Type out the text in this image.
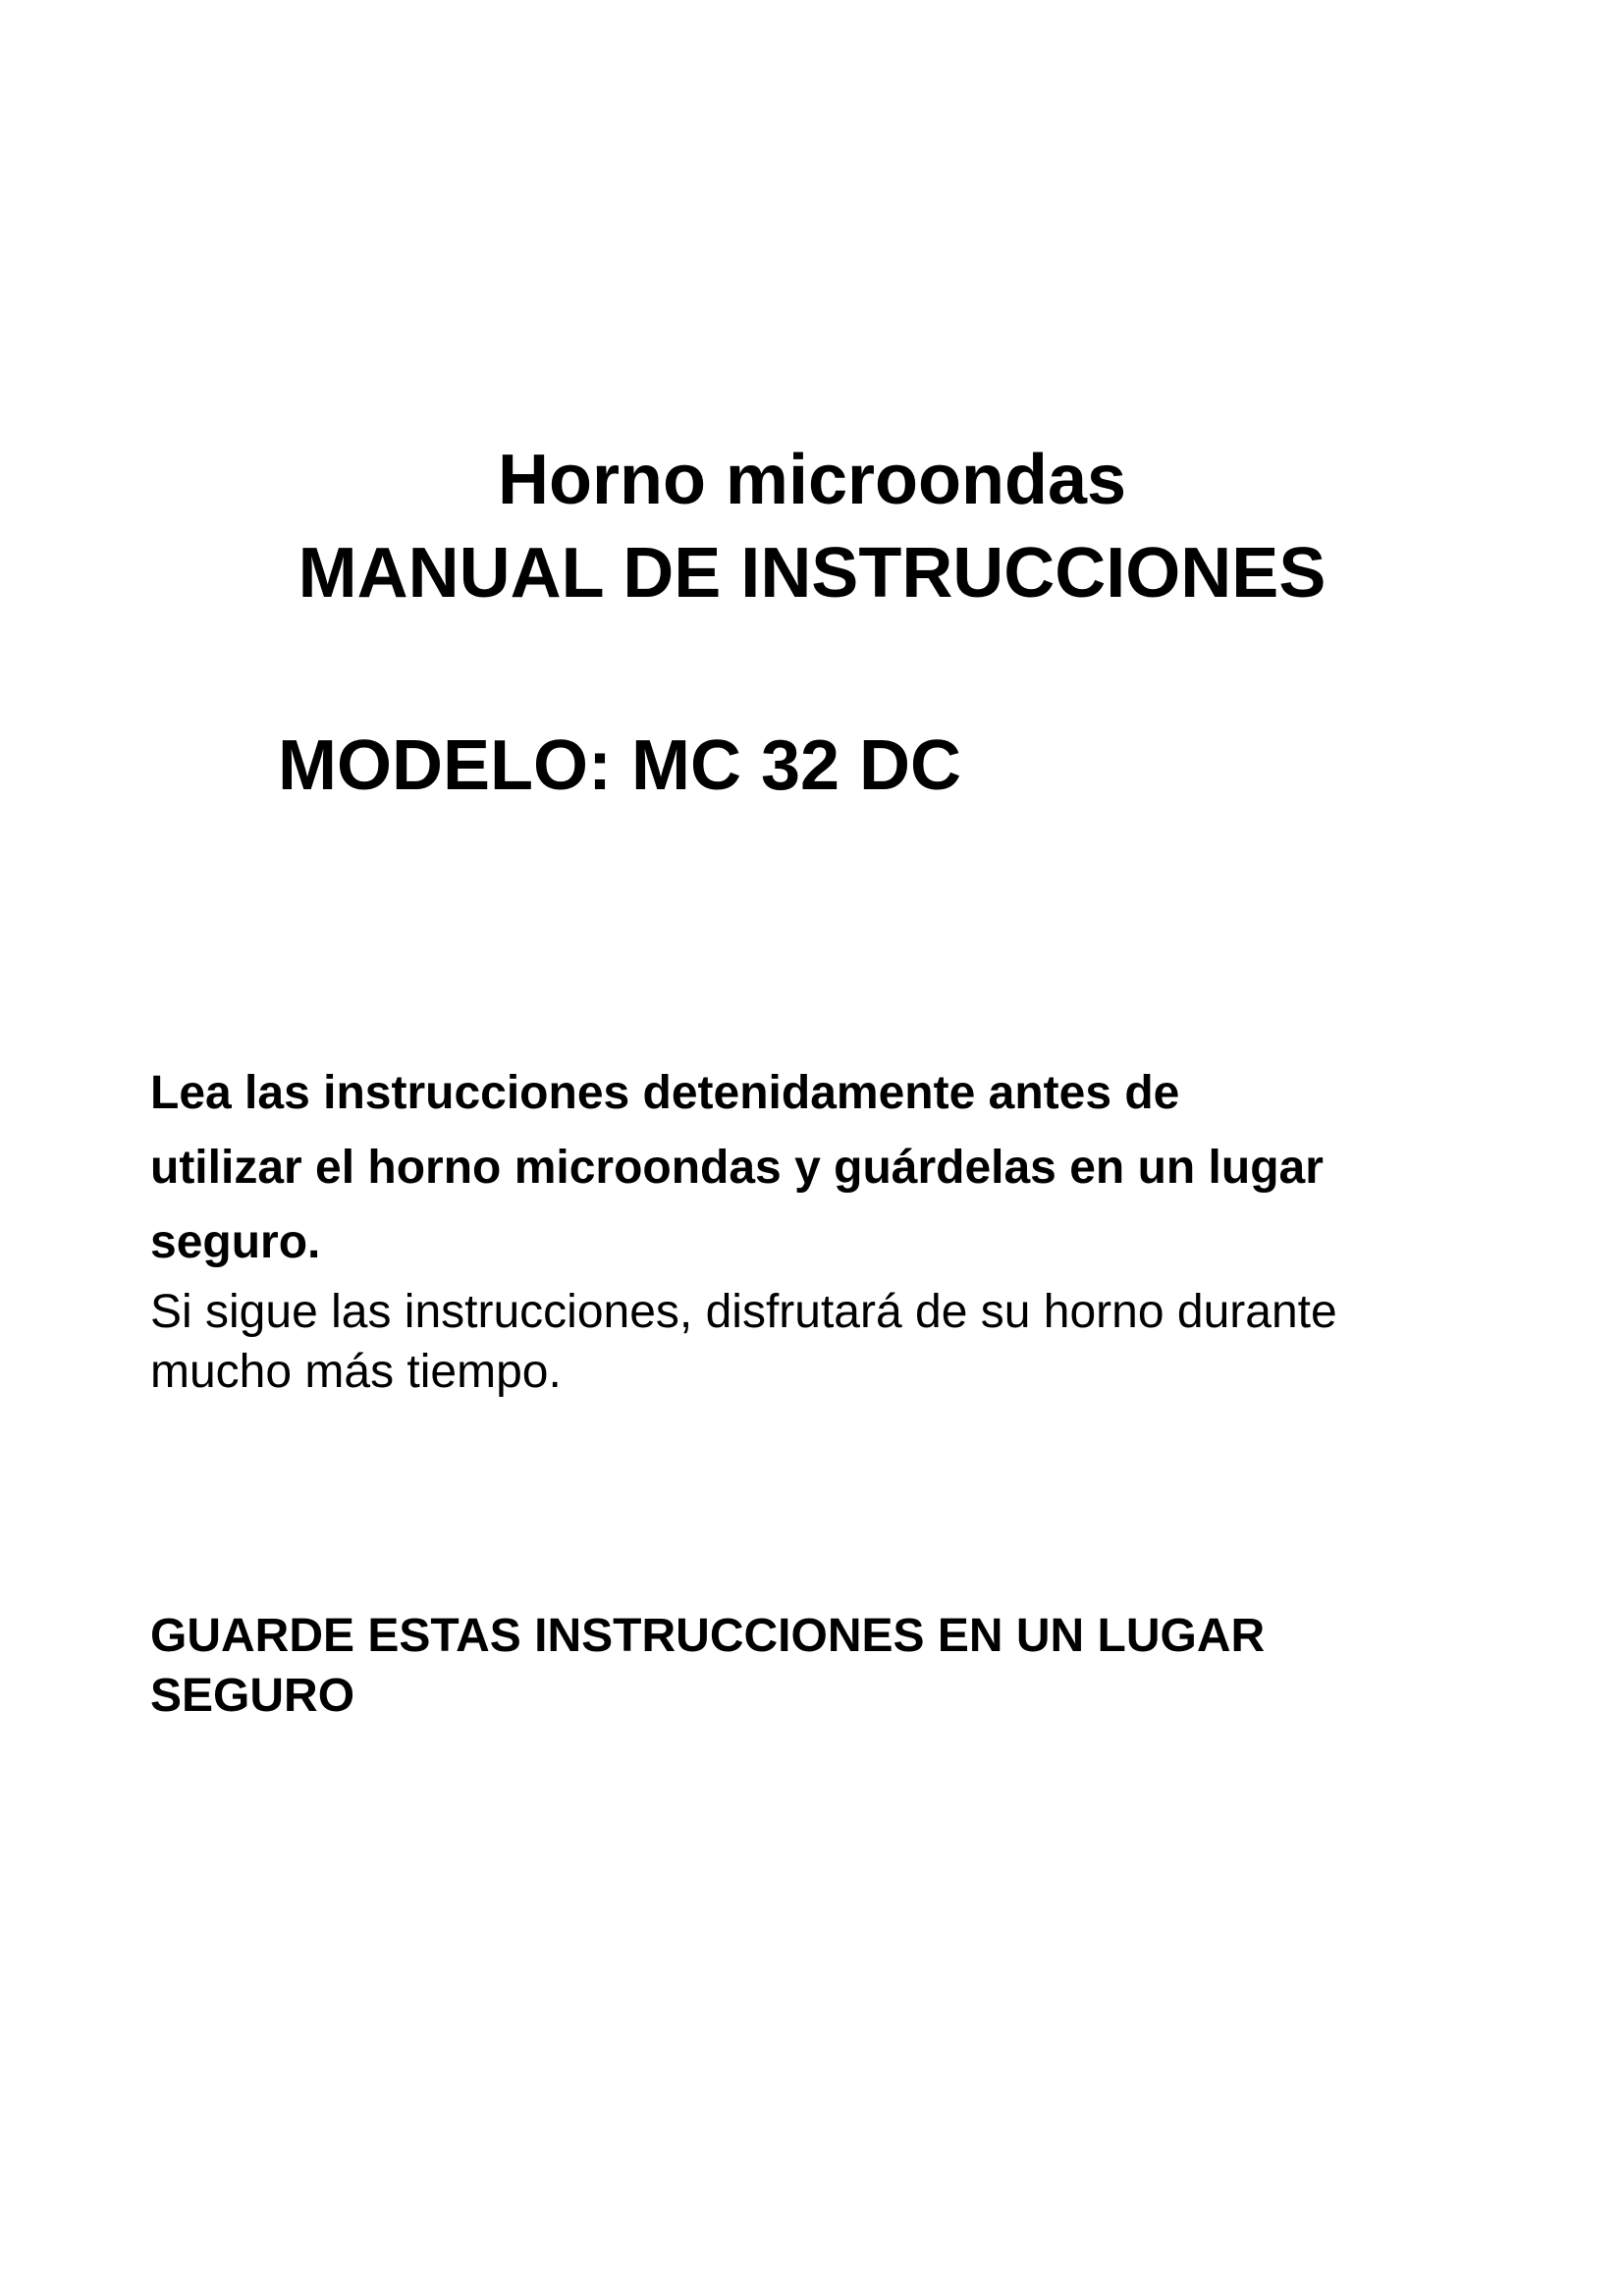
Horno microondas
MANUAL DE INSTRUCCIONES
MODELO: MC 32 DC

Lea las instrucciones detenidamente antes de

utilizar el horno microondas y guárdelas en un lugar

seguro.

Si sigue las instrucciones, disfrutará de su horno durante

mucho más tiempo.

GUARDE ESTAS INSTRUCCIONES EN UN LUGAR

SEGURO
